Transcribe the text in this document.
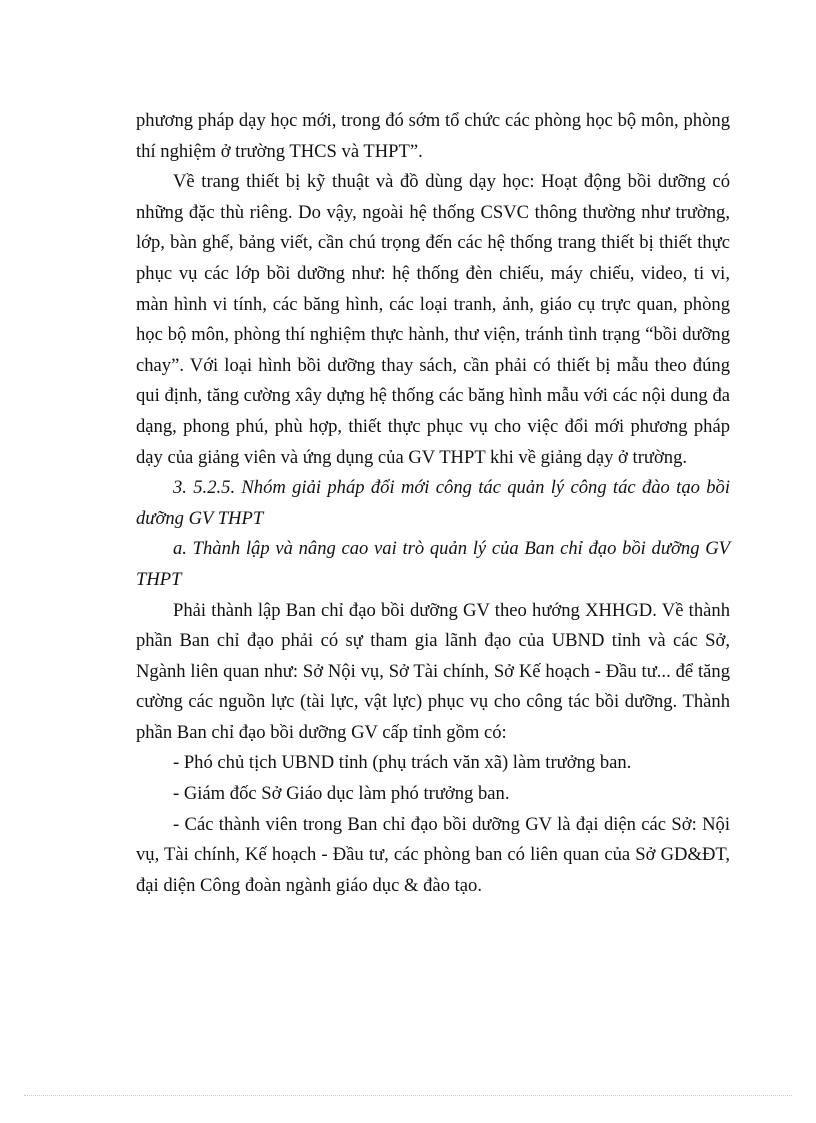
phương pháp dạy học mới, trong đó sớm tổ chức các phòng học bộ môn, phòng thí nghiệm ở trường THCS và THPT”.

Về trang thiết bị kỹ thuật và đồ dùng dạy học: Hoạt động bồi dưỡng có những đặc thù riêng. Do vậy, ngoài hệ thống CSVC thông thường như trường, lớp, bàn ghế, bảng viết, cần chú trọng đến các hệ thống trang thiết bị thiết thực phục vụ các lớp bồi dưỡng như: hệ thống đèn chiếu, máy chiếu, video, ti vi, màn hình vi tính, các băng hình, các loại tranh, ảnh, giáo cụ trực quan, phòng học bộ môn, phòng thí nghiệm thực hành, thư viện, tránh tình trạng “bồi dưỡng chay”. Với loại hình bồi dưỡng thay sách, cần phải có thiết bị mẫu theo đúng qui định, tăng cường xây dựng hệ thống các băng hình mẫu với các nội dung đa dạng, phong phú, phù hợp, thiết thực phục vụ cho việc đổi mới phương pháp dạy của giảng viên và ứng dụng của GV THPT khi về giảng dạy ở trường.

3. 5.2.5. Nhóm giải pháp đổi mới công tác quản lý công tác đào tạo bồi dưỡng GV THPT

a. Thành lập và nâng cao vai trò quản lý của Ban chỉ đạo bồi dưỡng GV THPT

Phải thành lập Ban chỉ đạo bồi dưỡng GV theo hướng XHHGD. Về thành phần Ban chỉ đạo phải có sự tham gia lãnh đạo của UBND tỉnh và các Sở, Ngành liên quan như: Sở Nội vụ, Sở Tài chính, Sở Kế hoạch - Đầu tư... để tăng cường các nguồn lực (tài lực, vật lực) phục vụ cho công tác bồi dưỡng. Thành phần Ban chỉ đạo bồi dưỡng GV cấp tỉnh gồm có:

- Phó chủ tịch UBND tỉnh (phụ trách văn xã) làm trưởng ban.

- Giám đốc Sở Giáo dục làm phó trưởng ban.

- Các thành viên trong Ban chỉ đạo bồi dưỡng GV là đại diện các Sở: Nội vụ, Tài chính, Kế hoạch - Đầu tư, các phòng ban có liên quan của Sở GD&ĐT, đại diện Công đoàn ngành giáo dục & đào tạo.
